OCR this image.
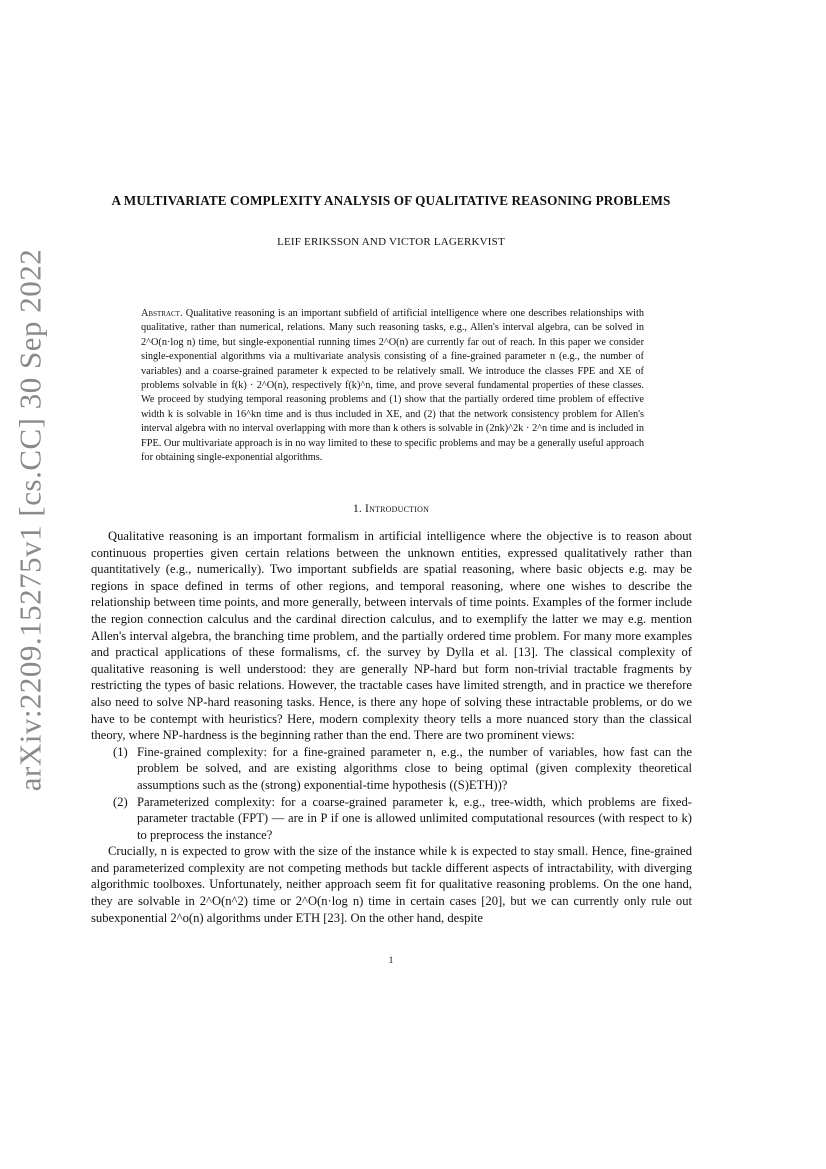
arXiv:2209.15275v1 [cs.CC] 30 Sep 2022
A MULTIVARIATE COMPLEXITY ANALYSIS OF QUALITATIVE REASONING PROBLEMS
LEIF ERIKSSON AND VICTOR LAGERKVIST
Abstract. Qualitative reasoning is an important subfield of artificial intelligence where one describes relationships with qualitative, rather than numerical, relations. Many such reasoning tasks, e.g., Allen's interval algebra, can be solved in 2^O(n·log n) time, but single-exponential running times 2^O(n) are currently far out of reach. In this paper we consider single-exponential algorithms via a multivariate analysis consisting of a fine-grained parameter n (e.g., the number of variables) and a coarse-grained parameter k expected to be relatively small. We introduce the classes FPE and XE of problems solvable in f(k) · 2^O(n), respectively f(k)^n, time, and prove several fundamental properties of these classes. We proceed by studying temporal reasoning problems and (1) show that the partially ordered time problem of effective width k is solvable in 16^kn time and is thus included in XE, and (2) that the network consistency problem for Allen's interval algebra with no interval overlapping with more than k others is solvable in (2nk)^2k · 2^n time and is included in FPE. Our multivariate approach is in no way limited to these to specific problems and may be a generally useful approach for obtaining single-exponential algorithms.
1. Introduction

Qualitative reasoning is an important formalism in artificial intelligence where the objective is to reason about continuous properties given certain relations between the unknown entities, expressed qualitatively rather than quantitatively (e.g., numerically). Two important subfields are spatial reasoning, where basic objects e.g. may be regions in space defined in terms of other regions, and temporal reasoning, where one wishes to describe the relationship between time points, and more generally, between intervals of time points. Examples of the former include the region connection calculus and the cardinal direction calculus, and to exemplify the latter we may e.g. mention Allen's interval algebra, the branching time problem, and the partially ordered time problem. For many more examples and practical applications of these formalisms, cf. the survey by Dylla et al. [13]. The classical complexity of qualitative reasoning is well understood: they are generally NP-hard but form non-trivial tractable fragments by restricting the types of basic relations. However, the tractable cases have limited strength, and in practice we therefore also need to solve NP-hard reasoning tasks. Hence, is there any hope of solving these intractable problems, or do we have to be contempt with heuristics? Here, modern complexity theory tells a more nuanced story than the classical theory, where NP-hardness is the beginning rather than the end. There are two prominent views:

(1) Fine-grained complexity: for a fine-grained parameter n, e.g., the number of variables, how fast can the problem be solved, and are existing algorithms close to being optimal (given complexity theoretical assumptions such as the (strong) exponential-time hypothesis ((S)ETH))?
(2) Parameterized complexity: for a coarse-grained parameter k, e.g., tree-width, which problems are fixed-parameter tractable (FPT) — are in P if one is allowed unlimited computational resources (with respect to k) to preprocess the instance?

Crucially, n is expected to grow with the size of the instance while k is expected to stay small. Hence, fine-grained and parameterized complexity are not competing methods but tackle different aspects of intractability, with diverging algorithmic toolboxes. Unfortunately, neither approach seem fit for qualitative reasoning problems. On the one hand, they are solvable in 2^O(n^2) time or 2^O(n·log n) time in certain cases [20], but we can currently only rule out subexponential 2^o(n) algorithms under ETH [23]. On the other hand, despite

1
